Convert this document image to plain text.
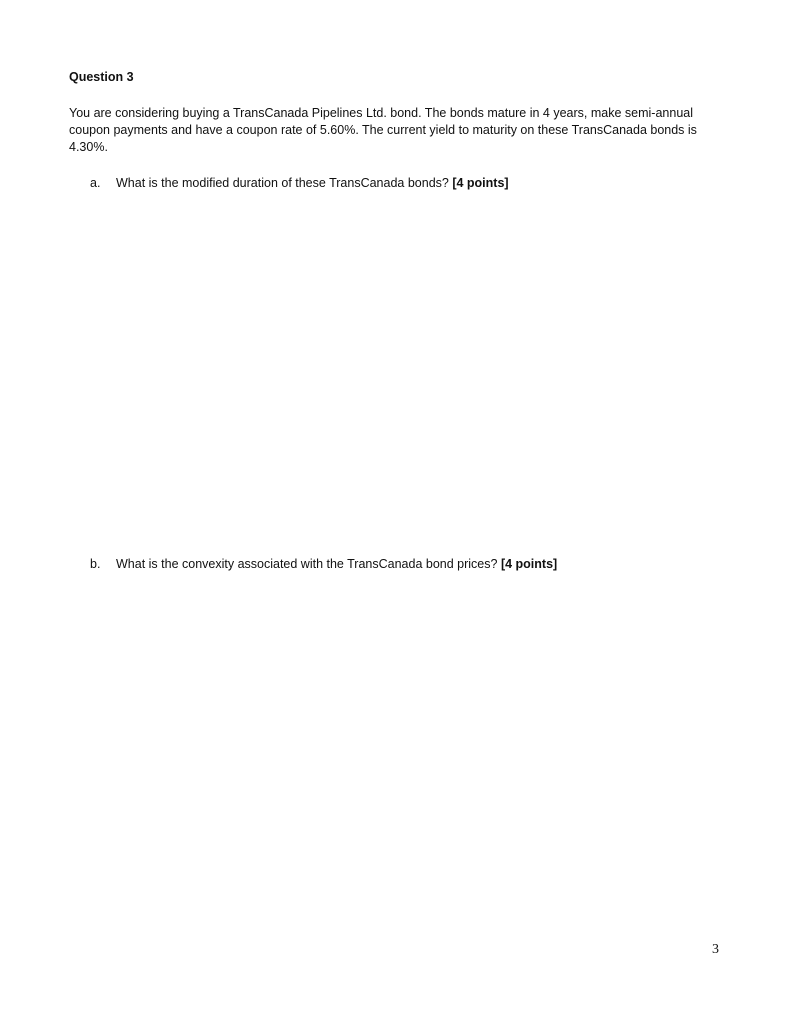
Question 3

You are considering buying a TransCanada Pipelines Ltd. bond. The bonds mature in 4 years, make semi-annual coupon payments and have a coupon rate of 5.60%. The current yield to maturity on these TransCanada bonds is 4.30%.

a. What is the modified duration of these TransCanada bonds? [4 points]

b. What is the convexity associated with the TransCanada bond prices? [4 points]

3
